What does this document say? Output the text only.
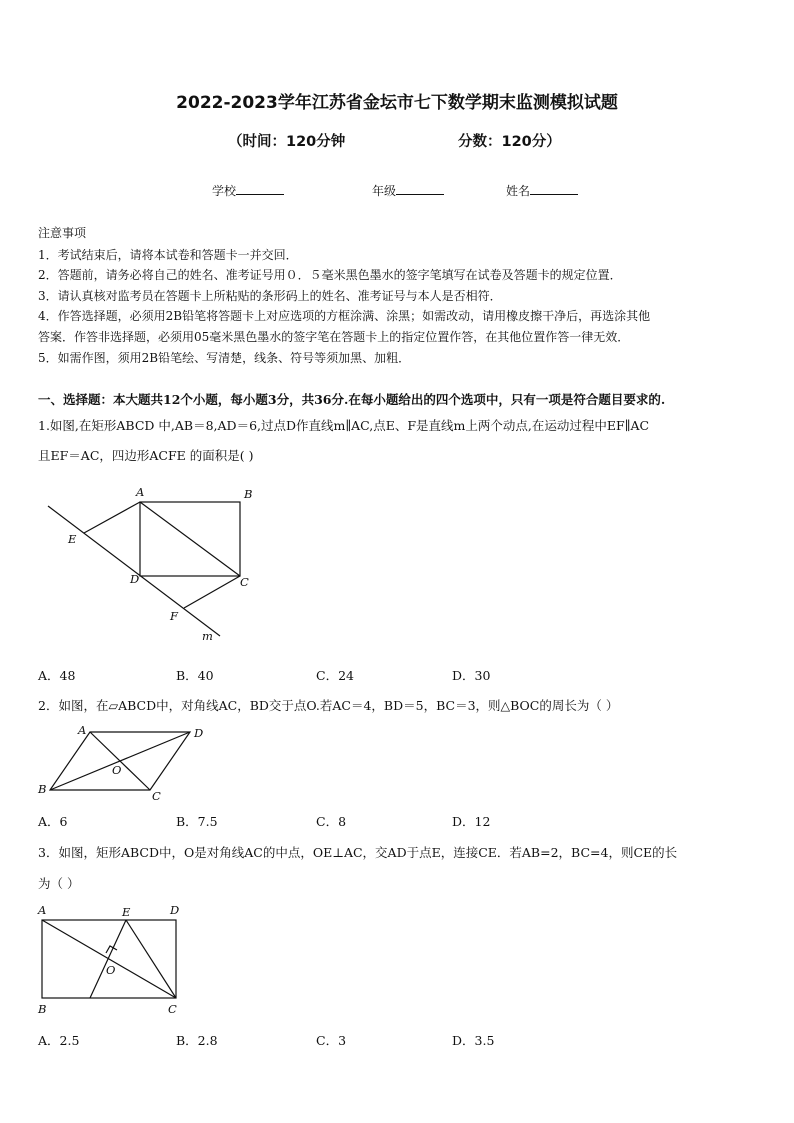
2022-2023学年江苏省金坛市七下数学期末监测模拟试题
（时间：120分钟	分数：120分）
学校	年级	姓名
注意事项
1．考试结束后，请将本试卷和答题卡一并交回．
2．答题前，请务必将自己的姓名、准考证号用０．５毫米黑色墨水的签字笔填写在试卷及答题卡的规定位置．
3．请认真核对监考员在答题卡上所粘贴的条形码上的姓名、准考证号与本人是否相符．
4．作答选择题，必须用2B铅笔将答题卡上对应选项的方框涂满、涂黑；如需改动，请用橡皮擦干净后，再选涂其他
答案．作答非选择题，必须用05毫米黑色墨水的签字笔在答题卡上的指定位置作答，在其他位置作答一律无效．
5．如需作图，须用2B铅笔绘、写清楚，线条、符号等须加黑、加粗．
一、选择题：本大题共12个小题，每小题3分，共36分.在每小题给出的四个选项中，只有一项是符合题目要求的.
1.如图,在矩形ABCD 中,AB＝8,AD＝6,过点D作直线m∥AC,点E、F是直线m上两个动点,在运动过程中EF∥AC
且EF＝AC，四边形ACFE 的面积是( )
A	B
E
D	C
F
m
A．48	B．40	C．24	D．30
2．如图，在▱ABCD中，对角线AC，BD交于点O.若AC＝4，BD＝5，BC＝3，则△BOC的周长为（ ）
A	D
O
B	C
A．6	B．7.5	C．8	D．12
3．如图，矩形ABCD中，O是对角线AC的中点，OE⊥AC，交AD于点E，连接CE．若AB=2，BC=4，则CE的长
为（ ）
A	E	D
O
B	C
A．2.5	B．2.8	C．3	D．3.5
